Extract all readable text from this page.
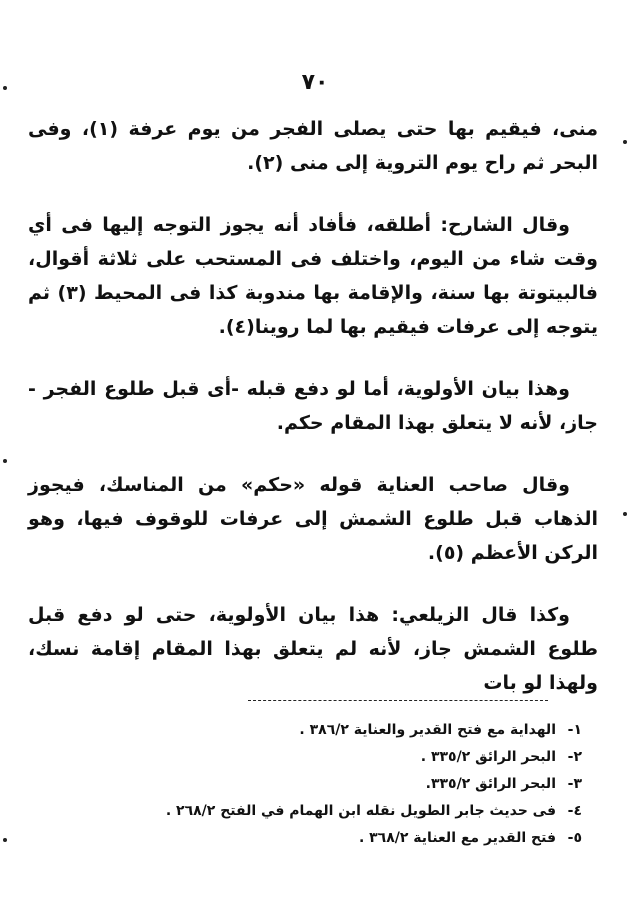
٧٠

منى، فيقيم بها حتى يصلى الفجر من يوم عرفة (١)، وفى البحر ثم راح يوم التروية إلى منى (٢).

وقال الشارح: أطلقه، فأفاد أنه يجوز التوجه إليها فى أي وقت شاء من اليوم، واختلف فى المستحب على ثلاثة أقوال، فالبيتوتة بها سنة، والإقامة بها مندوبة كذا فى المحيط (٣) ثم يتوجه إلى عرفات فيقيم بها لما روينا(٤).

وهذا بيان الأولوية، أما لو دفع قبله -أى قبل طلوع الفجر - جاز، لأنه لا يتعلق بهذا المقام حكم.

وقال صاحب العناية قوله «حكم» من المناسك، فيجوز الذهاب قبل طلوع الشمش إلى عرفات للوقوف فيها، وهو الركن الأعظم (٥).

وكذا قال الزيلعي: هذا بيان الأولوية، حتى لو دفع قبل طلوع الشمش جاز، لأنه لم يتعلق بهذا المقام إقامة نسك، ولهذا لو بات

١-
الهداية مع فتح القدير والعناية ٣٨٦/٢ .
٢-
البحر الرائق ٣٣٥/٢ .
٣-
البحر الرائق ٣٣٥/٢.
٤-
فى حديث جابر الطويل نقله ابن الهمام في الفتح ٢٦٨/٢ .
٥-
فتح القدير مع العناية ٣٦٨/٢ .
